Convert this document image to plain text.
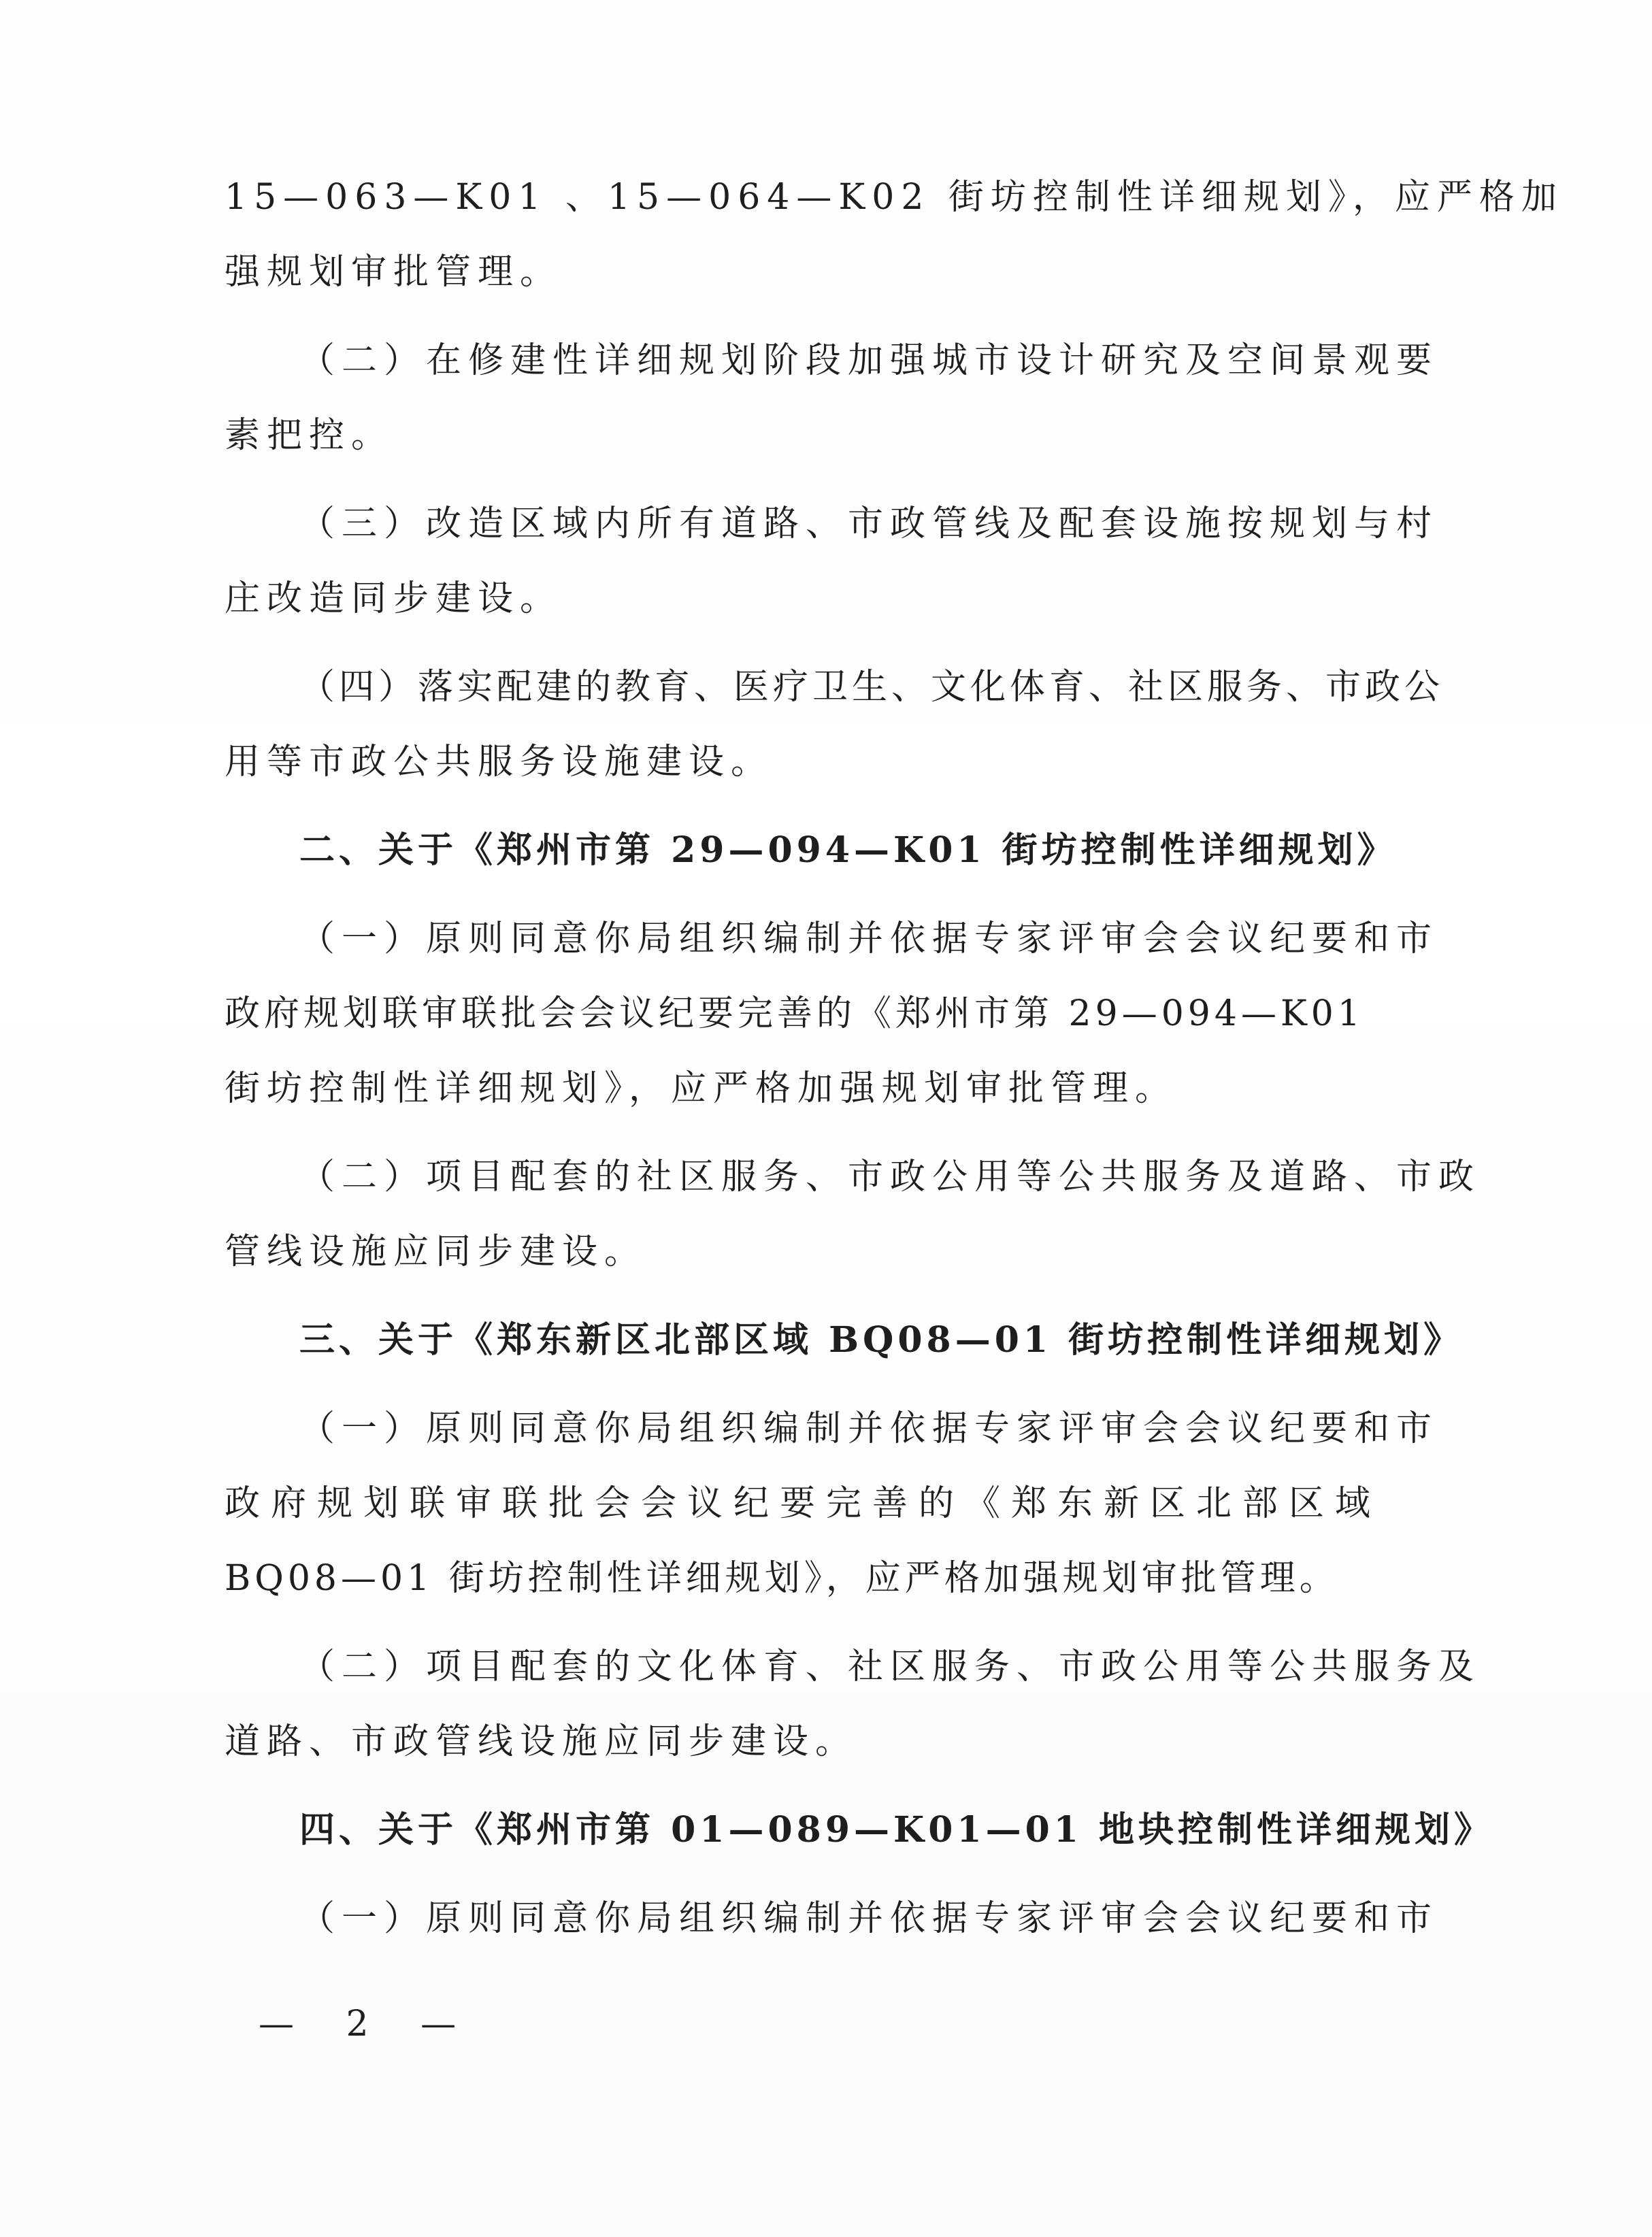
15—063—K01 、15—064—K02 街坊控制性详细规划》，应严格加
强规划审批管理。
（二）在修建性详细规划阶段加强城市设计研究及空间景观要
素把控。
（三）改造区域内所有道路、市政管线及配套设施按规划与村
庄改造同步建设。
（四）落实配建的教育、医疗卫生、文化体育、社区服务、市政公
用等市政公共服务设施建设。
二、关于《郑州市第 29—094—K01 街坊控制性详细规划》
（一）原则同意你局组织编制并依据专家评审会会议纪要和市
政府规划联审联批会会议纪要完善的《郑州市第 29—094—K01
街坊控制性详细规划》，应严格加强规划审批管理。
（二）项目配套的社区服务、市政公用等公共服务及道路、市政
管线设施应同步建设。
三、关于《郑东新区北部区域 BQ08—01 街坊控制性详细规划》
（一）原则同意你局组织编制并依据专家评审会会议纪要和市
政府规划联审联批会会议纪要完善的《郑东新区北部区域
BQ08—01 街坊控制性详细规划》，应严格加强规划审批管理。
（二）项目配套的文化体育、社区服务、市政公用等公共服务及
道路、市政管线设施应同步建设。
四、关于《郑州市第 01—089—K01—01 地块控制性详细规划》
（一）原则同意你局组织编制并依据专家评审会会议纪要和市
— 2 —
